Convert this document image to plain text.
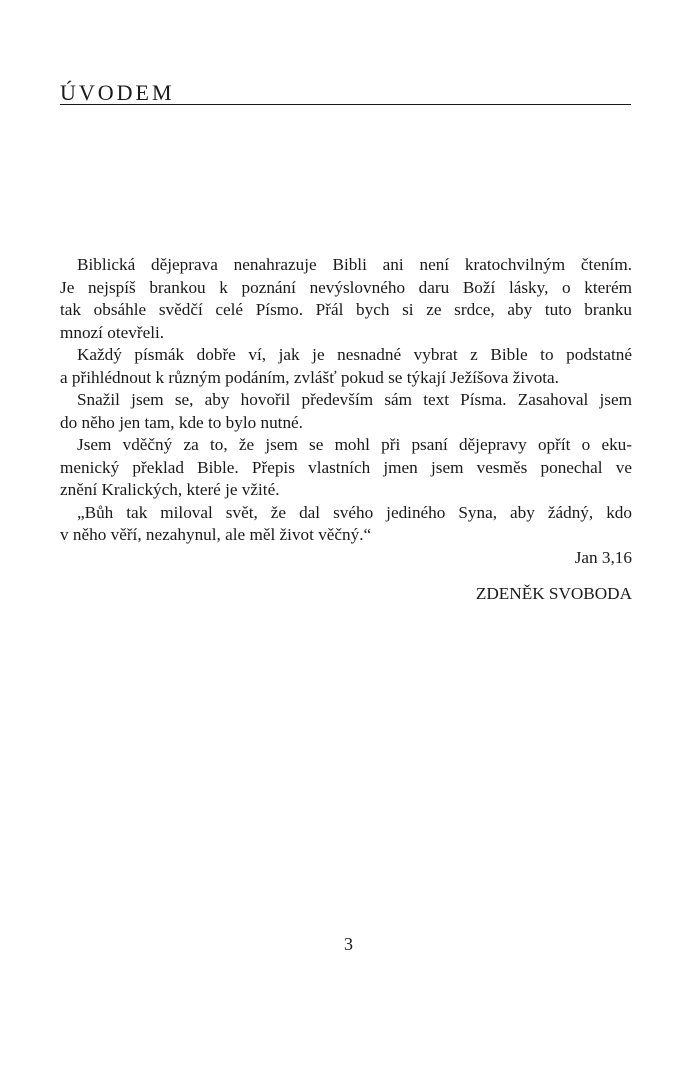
ÚVODEM
Biblická dějeprava nenahrazuje Bibli ani není kratochvilným čtením.
Je nejspíš brankou k poznání nevýslovného daru Boží lásky, o kterém
tak obsáhle svědčí celé Písmo. Přál bych si ze srdce, aby tuto branku
mnozí otevřeli.
Každý písmák dobře ví, jak je nesnadné vybrat z Bible to podstatné
a přihlédnout k různým podáním, zvlášť pokud se týkají Ježíšova života.
Snažil jsem se, aby hovořil především sám text Písma. Zasahoval jsem
do něho jen tam, kde to bylo nutné.
Jsem vděčný za to, že jsem se mohl při psaní dějepravy opřít o eku-
menický překlad Bible. Přepis vlastních jmen jsem vesměs ponechal ve
znění Kralických, které je vžité.
„Bůh tak miloval svět, že dal svého jediného Syna, aby žádný, kdo
v něho věří, nezahynul, ale měl život věčný.“
Jan 3,16
ZDENĚK SVOBODA
3
